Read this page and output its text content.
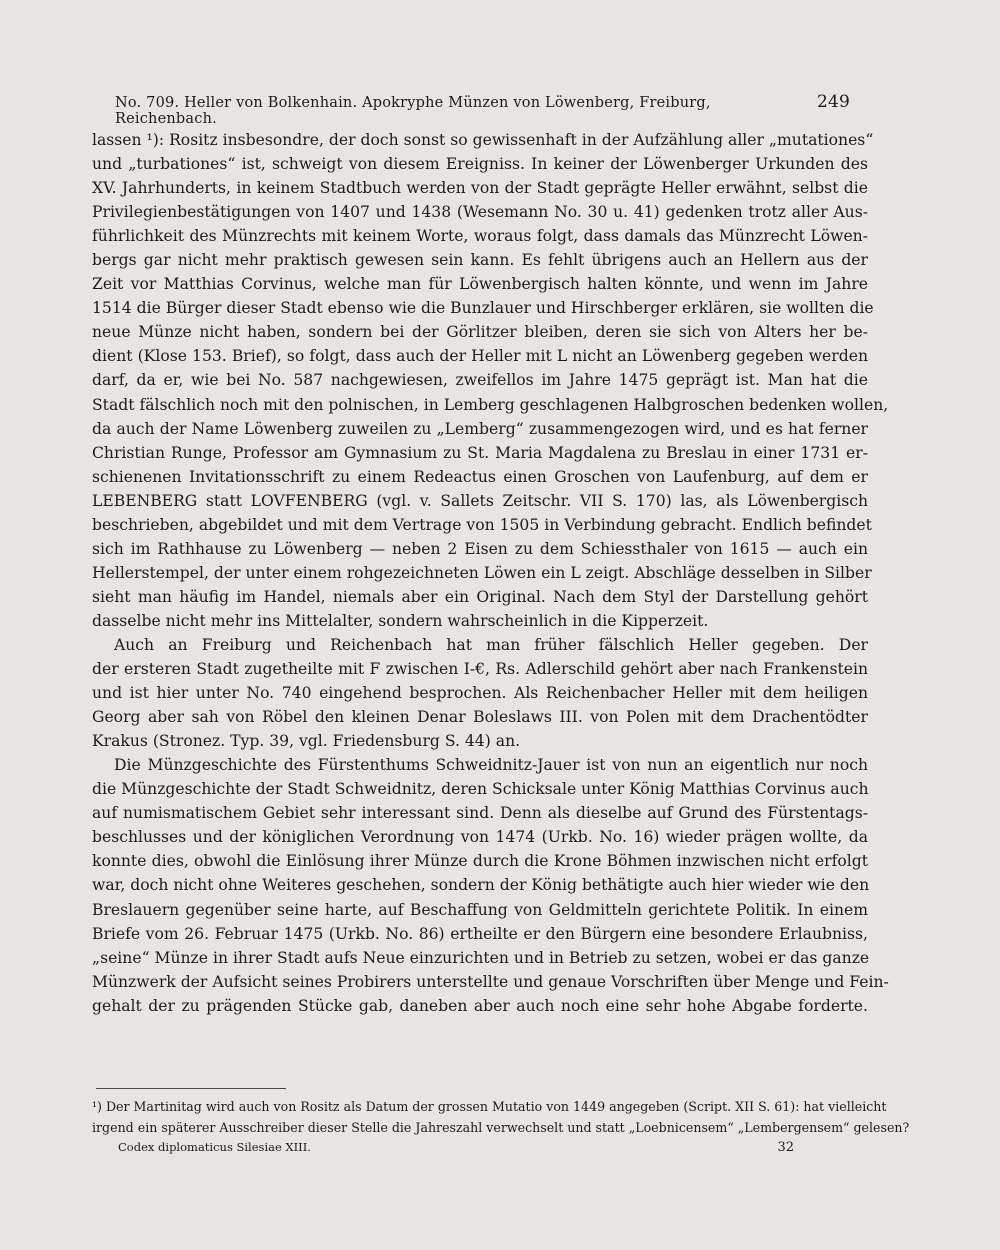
No. 709. Heller von Bolkenhain. Apokryphe Münzen von Löwenberg, Freiburg, Reichenbach.
249
lassen ¹): Rositz insbesondre, der doch sonst so gewissenhaft in der Aufzählung aller „mutationes“
und „turbationes“ ist, schweigt von diesem Ereigniss. In keiner der Löwenberger Urkunden des
XV. Jahrhunderts, in keinem Stadtbuch werden von der Stadt geprägte Heller erwähnt, selbst die
Privilegienbestätigungen von 1407 und 1438 (Wesemann No. 30 u. 41) gedenken trotz aller Aus-
führlichkeit des Münzrechts mit keinem Worte, woraus folgt, dass damals das Münzrecht Löwen-
bergs gar nicht mehr praktisch gewesen sein kann. Es fehlt übrigens auch an Hellern aus der
Zeit vor Matthias Corvinus, welche man für Löwenbergisch halten könnte, und wenn im Jahre
1514 die Bürger dieser Stadt ebenso wie die Bunzlauer und Hirschberger erklären, sie wollten die
neue Münze nicht haben, sondern bei der Görlitzer bleiben, deren sie sich von Alters her be-
dient (Klose 153. Brief), so folgt, dass auch der Heller mit L nicht an Löwenberg gegeben werden
darf, da er, wie bei No. 587 nachgewiesen, zweifellos im Jahre 1475 geprägt ist. Man hat die
Stadt fälschlich noch mit den polnischen, in Lemberg geschlagenen Halbgroschen bedenken wollen,
da auch der Name Löwenberg zuweilen zu „Lemberg“ zusammengezogen wird, und es hat ferner
Christian Runge, Professor am Gymnasium zu St. Maria Magdalena zu Breslau in einer 1731 er-
schienenen Invitationsschrift zu einem Redeactus einen Groschen von Laufenburg, auf dem er
LEBENBERG statt LOVFENBERG (vgl. v. Sallets Zeitschr. VII S. 170) las, als Löwenbergisch
beschrieben, abgebildet und mit dem Vertrage von 1505 in Verbindung gebracht. Endlich befindet
sich im Rathhause zu Löwenberg — neben 2 Eisen zu dem Schiessthaler von 1615 — auch ein
Hellerstempel, der unter einem rohgezeichneten Löwen ein L zeigt. Abschläge desselben in Silber
sieht man häufig im Handel, niemals aber ein Original. Nach dem Styl der Darstellung gehört
dasselbe nicht mehr ins Mittelalter, sondern wahrscheinlich in die Kipperzeit.
Auch an Freiburg und Reichenbach hat man früher fälschlich Heller gegeben. Der
der ersteren Stadt zugetheilte mit F zwischen I-€, Rs. Adlerschild gehört aber nach Frankenstein
und ist hier unter No. 740 eingehend besprochen. Als Reichenbacher Heller mit dem heiligen
Georg aber sah von Röbel den kleinen Denar Boleslaws III. von Polen mit dem Drachentödter
Krakus (Stronez. Typ. 39, vgl. Friedensburg S. 44) an.
Die Münzgeschichte des Fürstenthums Schweidnitz-Jauer ist von nun an eigentlich nur noch
die Münzgeschichte der Stadt Schweidnitz, deren Schicksale unter König Matthias Corvinus auch
auf numismatischem Gebiet sehr interessant sind. Denn als dieselbe auf Grund des Fürstentags-
beschlusses und der königlichen Verordnung von 1474 (Urkb. No. 16) wieder prägen wollte, da
konnte dies, obwohl die Einlösung ihrer Münze durch die Krone Böhmen inzwischen nicht erfolgt
war, doch nicht ohne Weiteres geschehen, sondern der König bethätigte auch hier wieder wie den
Breslauern gegenüber seine harte, auf Beschaffung von Geldmitteln gerichtete Politik. In einem
Briefe vom 26. Februar 1475 (Urkb. No. 86) ertheilte er den Bürgern eine besondere Erlaubniss,
„seine“ Münze in ihrer Stadt aufs Neue einzurichten und in Betrieb zu setzen, wobei er das ganze
Münzwerk der Aufsicht seines Probirers unterstellte und genaue Vorschriften über Menge und Fein-
gehalt der zu prägenden Stücke gab, daneben aber auch noch eine sehr hohe Abgabe forderte.
¹) Der Martinitag wird auch von Rositz als Datum der grossen Mutatio von 1449 angegeben (Script. XII S. 61): hat vielleicht
irgend ein späterer Ausschreiber dieser Stelle die Jahreszahl verwechselt und statt „Loebnicensem“ „Lembergensem“ gelesen?
Codex diplomaticus Silesiae XIII.	32
